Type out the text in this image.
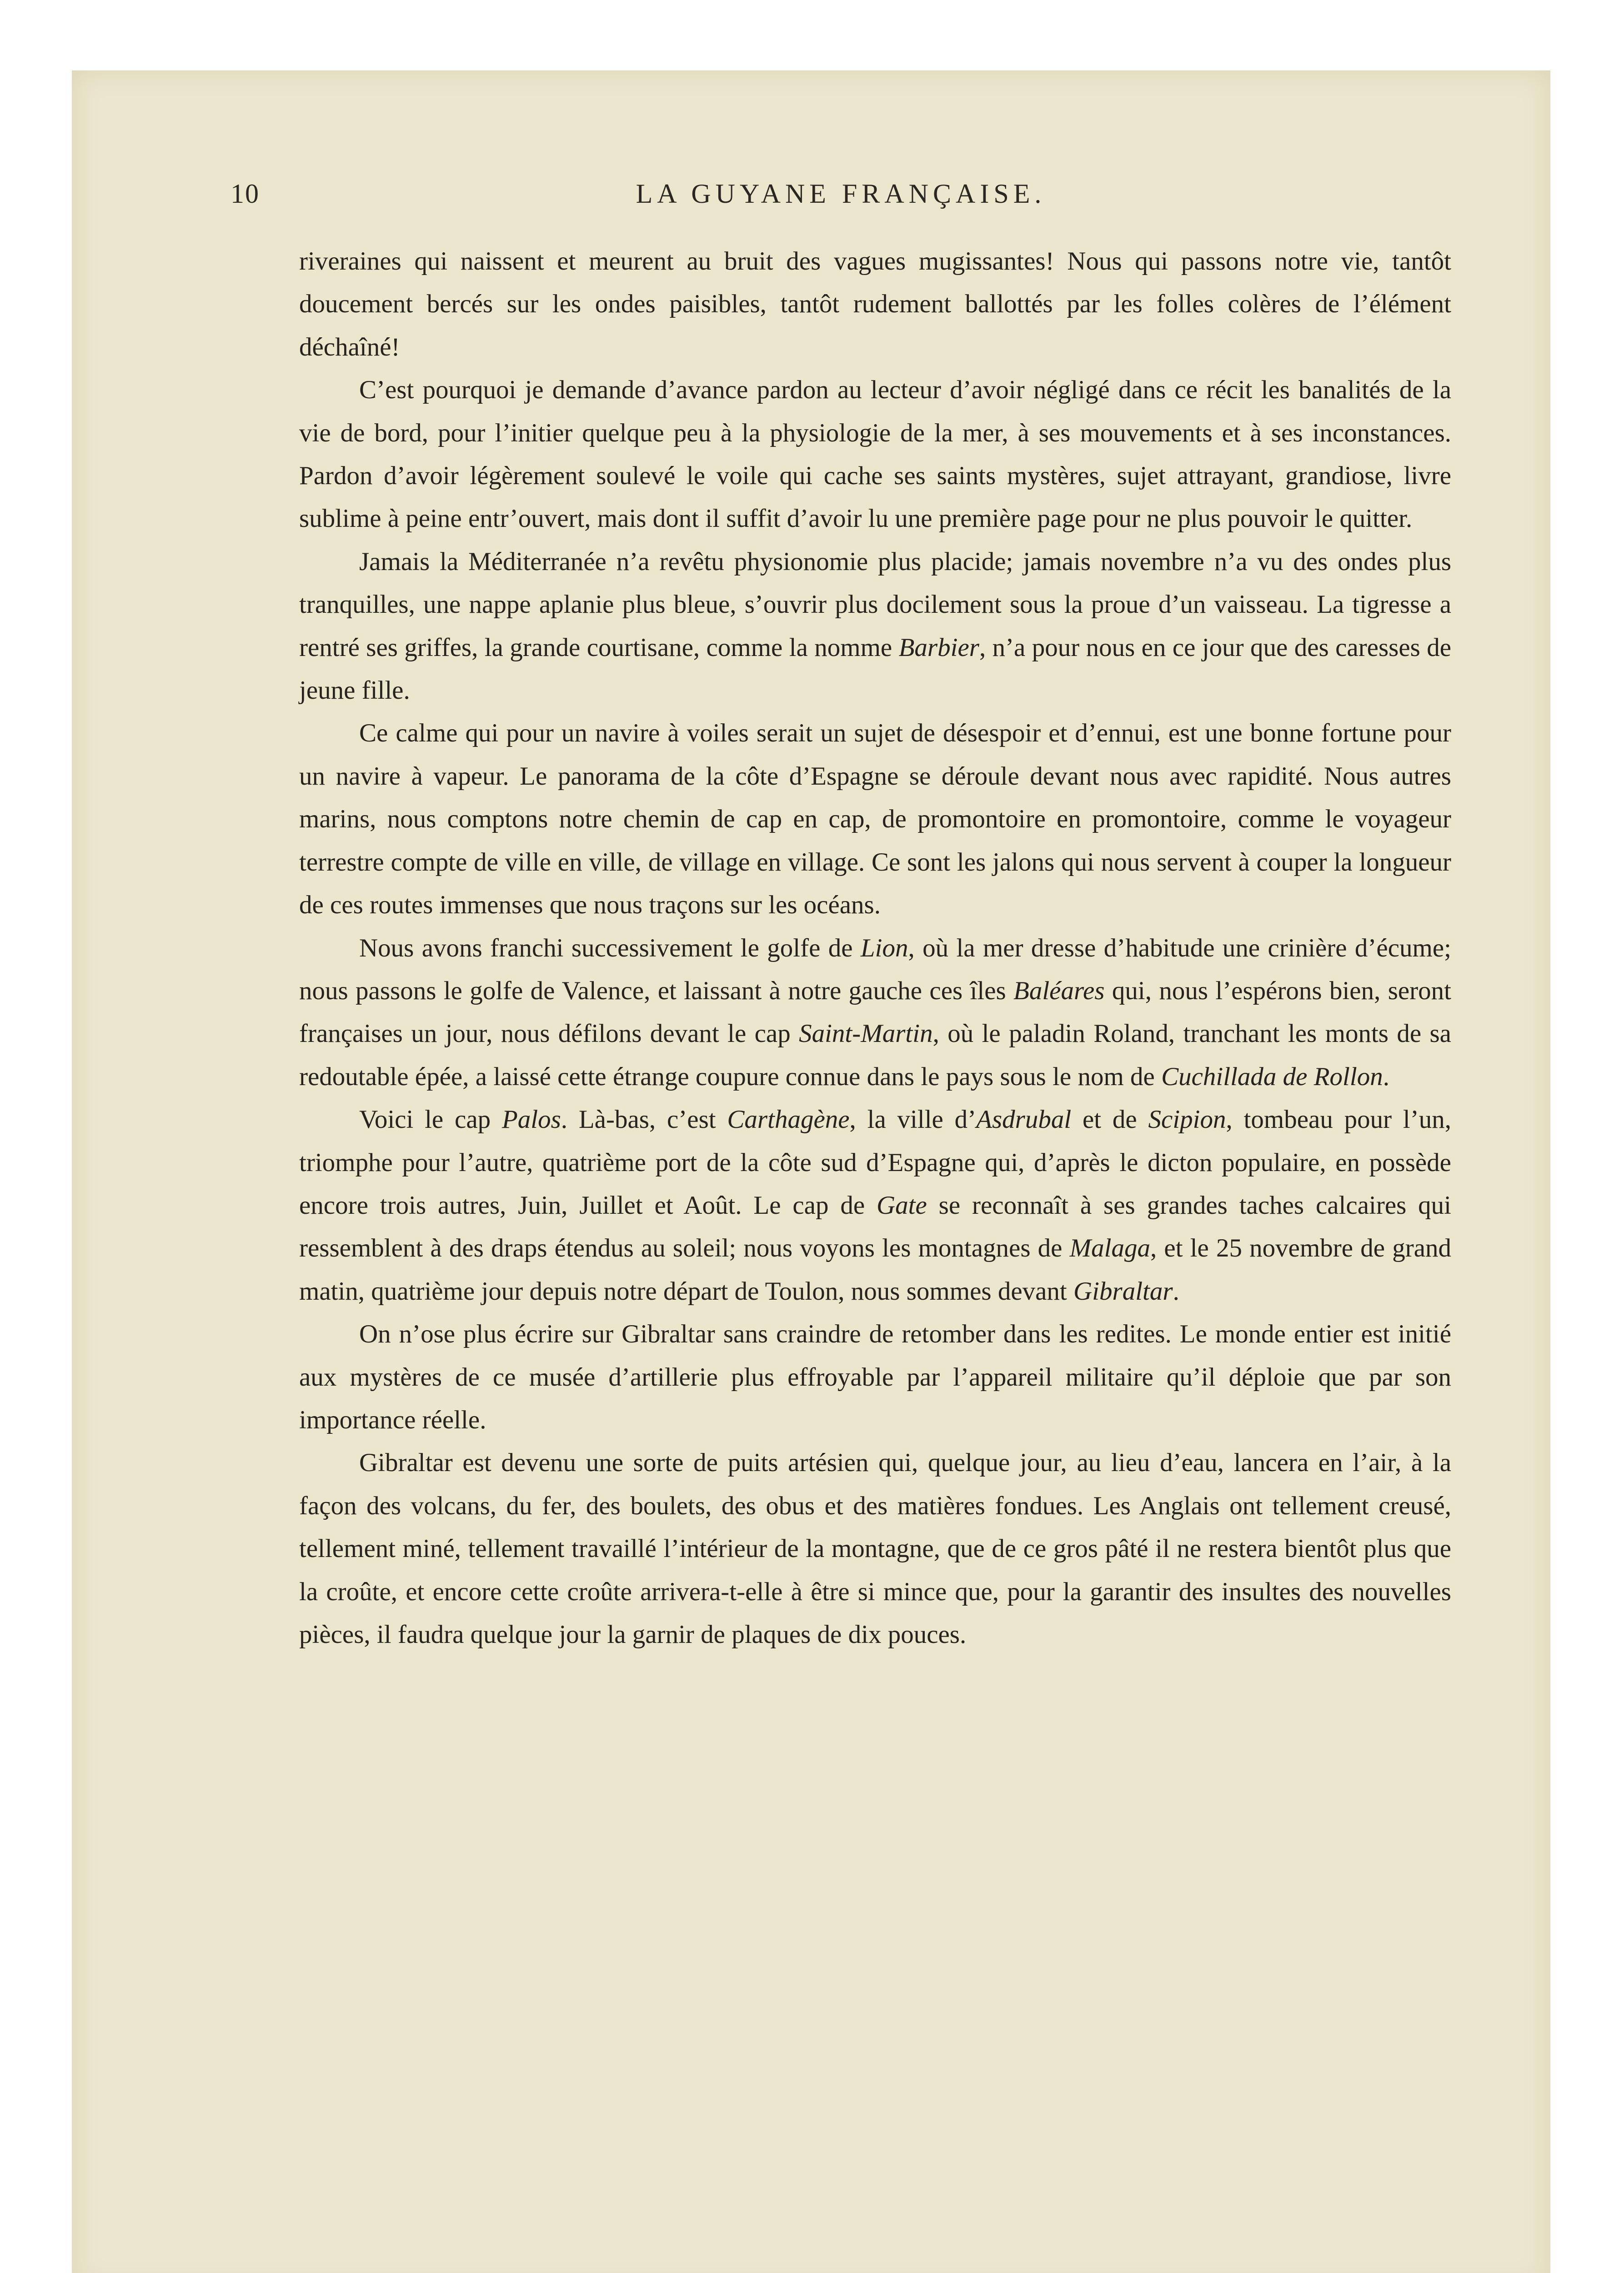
10	LA GUYANE FRANÇAISE.

riveraines qui naissent et meurent au bruit des vagues mugissantes! Nous qui passons notre vie, tantôt doucement bercés sur les ondes paisibles, tantôt rudement ballottés par les folles colères de l’élément déchaîné!

C’est pourquoi je demande d’avance pardon au lecteur d’avoir négligé dans ce récit les banalités de la vie de bord, pour l’initier quelque peu à la physiologie de la mer, à ses mouvements et à ses inconstances. Pardon d’avoir légèrement soulevé le voile qui cache ses saints mystères, sujet attrayant, grandiose, livre sublime à peine entr’ouvert, mais dont il suffit d’avoir lu une première page pour ne plus pouvoir le quitter.

Jamais la Méditerranée n’a revêtu physionomie plus placide; jamais novembre n’a vu des ondes plus tranquilles, une nappe aplanie plus bleue, s’ouvrir plus docilement sous la proue d’un vaisseau. La tigresse a rentré ses griffes, la grande courtisane, comme la nomme Barbier, n’a pour nous en ce jour que des caresses de jeune fille.

Ce calme qui pour un navire à voiles serait un sujet de désespoir et d’ennui, est une bonne fortune pour un navire à vapeur. Le panorama de la côte d’Espagne se déroule devant nous avec rapidité. Nous autres marins, nous comptons notre chemin de cap en cap, de promontoire en promontoire, comme le voyageur terrestre compte de ville en ville, de village en village. Ce sont les jalons qui nous servent à couper la longueur de ces routes immenses que nous traçons sur les océans.

Nous avons franchi successivement le golfe de Lion, où la mer dresse d’habitude une crinière d’écume; nous passons le golfe de Valence, et laissant à notre gauche ces îles Baléares qui, nous l’espérons bien, seront françaises un jour, nous défilons devant le cap Saint-Martin, où le paladin Roland, tranchant les monts de sa redoutable épée, a laissé cette étrange coupure connue dans le pays sous le nom de Cuchillada de Rollon.

Voici le cap Palos. Là-bas, c’est Carthagène, la ville d’Asdrubal et de Scipion, tombeau pour l’un, triomphe pour l’autre, quatrième port de la côte sud d’Espagne qui, d’après le dicton populaire, en possède encore trois autres, Juin, Juillet et Août. Le cap de Gate se reconnaît à ses grandes taches calcaires qui ressemblent à des draps étendus au soleil; nous voyons les montagnes de Malaga, et le 25 novembre de grand matin, quatrième jour depuis notre départ de Toulon, nous sommes devant Gibraltar.

On n’ose plus écrire sur Gibraltar sans craindre de retomber dans les redites. Le monde entier est initié aux mystères de ce musée d’artillerie plus effroyable par l’appareil militaire qu’il déploie que par son importance réelle.

Gibraltar est devenu une sorte de puits artésien qui, quelque jour, au lieu d’eau, lancera en l’air, à la façon des volcans, du fer, des boulets, des obus et des matières fondues. Les Anglais ont tellement creusé, tellement miné, tellement travaillé l’intérieur de la montagne, que de ce gros pâté il ne restera bientôt plus que la croûte, et encore cette croûte arrivera-t-elle à être si mince que, pour la garantir des insultes des nouvelles pièces, il faudra quelque jour la garnir de plaques de dix pouces.
